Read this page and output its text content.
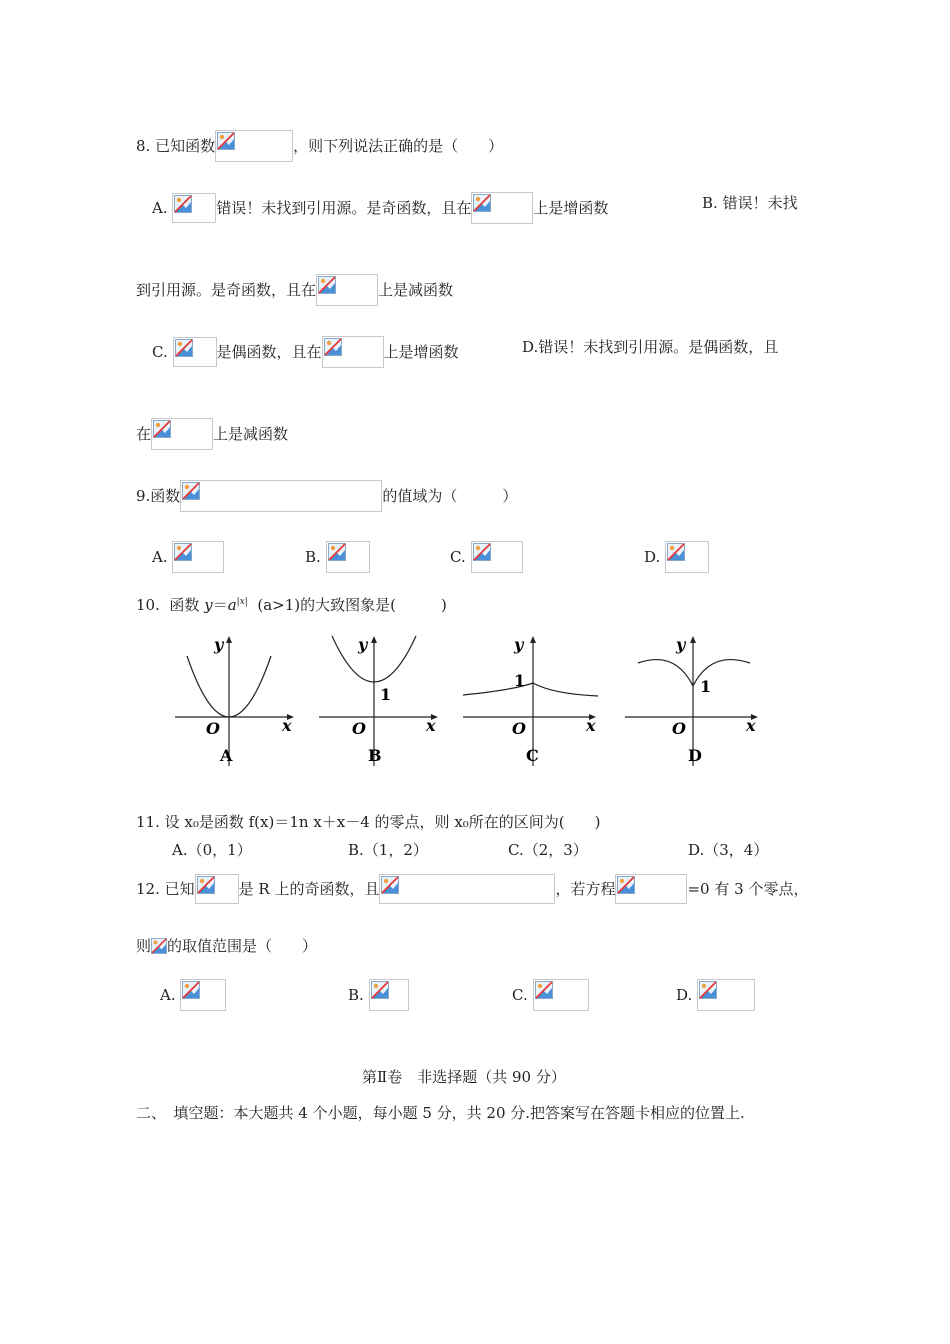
8. 已知函数	，则下列说法正确的是（　　）
A.	错误！未找到引用源。是奇函数，且在	上是增函数	B. 错误！未找
到引用源。是奇函数，且在	上是减函数
C.	是偶函数，且在	上是增函数	D.错误！未找到引用源。是偶函数，且
在	上是减函数
9.函数	的值域为（　　　）
A.	B.	C.	D.
10. 函数 $y=a^{|x|}$ (a>1)的大致图象是(　　　)
y
x
O
A
y
x
O
1
B
y
x
O
1
C
y
x
O
1
D
11. 设 x₀是函数 f(x)＝1n x＋x－4 的零点，则 x₀所在的区间为(　　)
A.（0，1）	B.（1，2）	C.（2，3）	D.（3，4）
12. 已知	是 R 上的奇函数，且	，若方程	=0 有 3 个零点，
则 的取值范围是（　　）
A.	B.	C.	D.
第Ⅱ卷　非选择题（共 90 分）
二、　填空题：本大题共 4 个小题，每小题 5 分，共 20 分.把答案写在答题卡相应的位置上.
